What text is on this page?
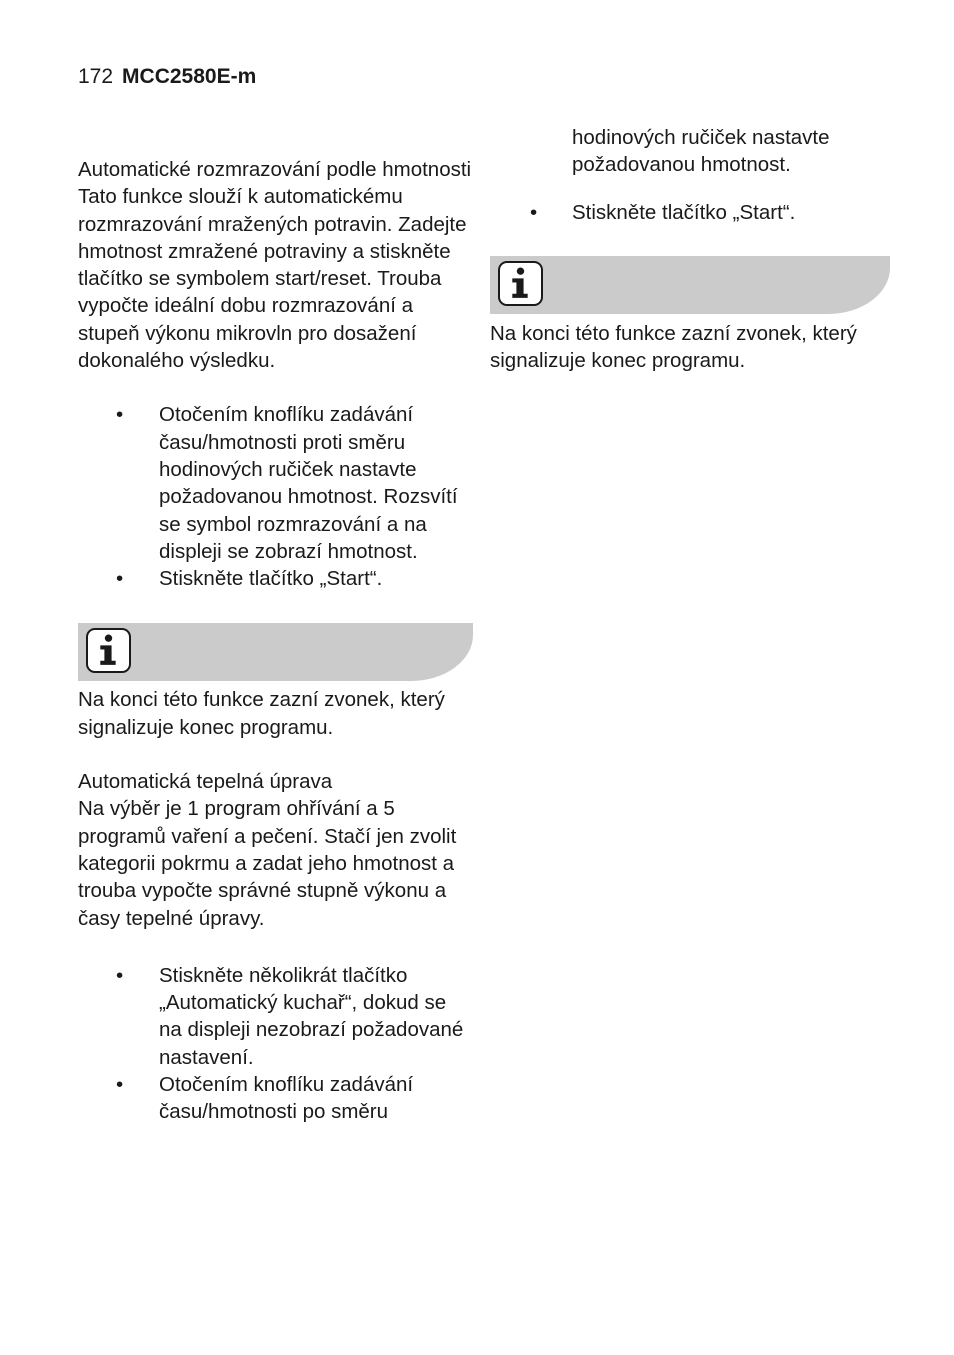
172 MCC2580E-m

Automatické rozmrazování podle hmotnosti

Tato funkce slouží k automatickému rozmrazování mražených potravin. Zadejte hmotnost zmražené potraviny a stiskněte tlačítko se symbolem start/reset. Trouba vypočte ideální dobu rozmrazování a stupeň výkonu mikrovln pro dosažení dokonalého výsledku.

• Otočením knoflíku zadávání času/hmotnosti proti směru hodinových ručiček nastavte požadovanou hmotnost. Rozsvítí se symbol rozmrazování a na displeji se zobrazí hmotnost.
• Stiskněte tlačítko „Start“.

Na konci této funkce zazní zvonek, který signalizuje konec programu.

Automatická tepelná úprava

Na výběr je 1 program ohřívání a 5 programů vaření a pečení. Stačí jen zvolit kategorii pokrmu a zadat jeho hmotnost a trouba vypočte správné stupně výkonu a časy tepelné úpravy.

• Stiskněte několikrát tlačítko „Automatický kuchař“, dokud se na displeji nezobrazí požadované nastavení.
• Otočením knoflíku zadávání času/hmotnosti po směru

hodinových ručiček nastavte požadovanou hmotnost.

• Stiskněte tlačítko „Start“.

Na konci této funkce zazní zvonek, který signalizuje konec programu.
